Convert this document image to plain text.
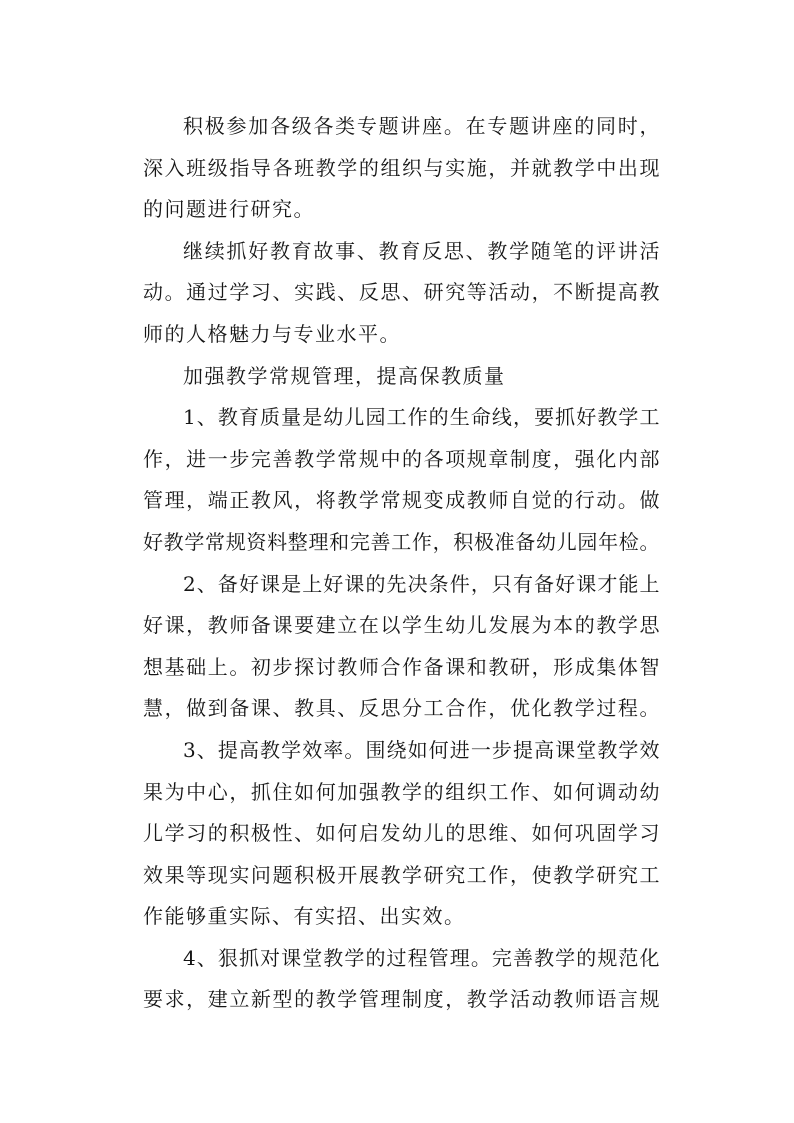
积极参加各级各类专题讲座。在专题讲座的同时，
深入班级指导各班教学的组织与实施，并就教学中出现
的问题进行研究。
继续抓好教育故事、教育反思、教学随笔的评讲活
动。通过学习、实践、反思、研究等活动，不断提高教
师的人格魅力与专业水平。
加强教学常规管理，提高保教质量
1、教育质量是幼儿园工作的生命线，要抓好教学工
作，进一步完善教学常规中的各项规章制度，强化内部
管理，端正教风，将教学常规变成教师自觉的行动。做
好教学常规资料整理和完善工作，积极准备幼儿园年检。
2、备好课是上好课的先决条件，只有备好课才能上
好课，教师备课要建立在以学生幼儿发展为本的教学思
想基础上。初步探讨教师合作备课和教研，形成集体智
慧，做到备课、教具、反思分工合作，优化教学过程。
3、提高教学效率。围绕如何进一步提高课堂教学效
果为中心，抓住如何加强教学的组织工作、如何调动幼
儿学习的积极性、如何启发幼儿的思维、如何巩固学习
效果等现实问题积极开展教学研究工作，使教学研究工
作能够重实际、有实招、出实效。
4、狠抓对课堂教学的过程管理。完善教学的规范化
要求，建立新型的教学管理制度，教学活动教师语言规
